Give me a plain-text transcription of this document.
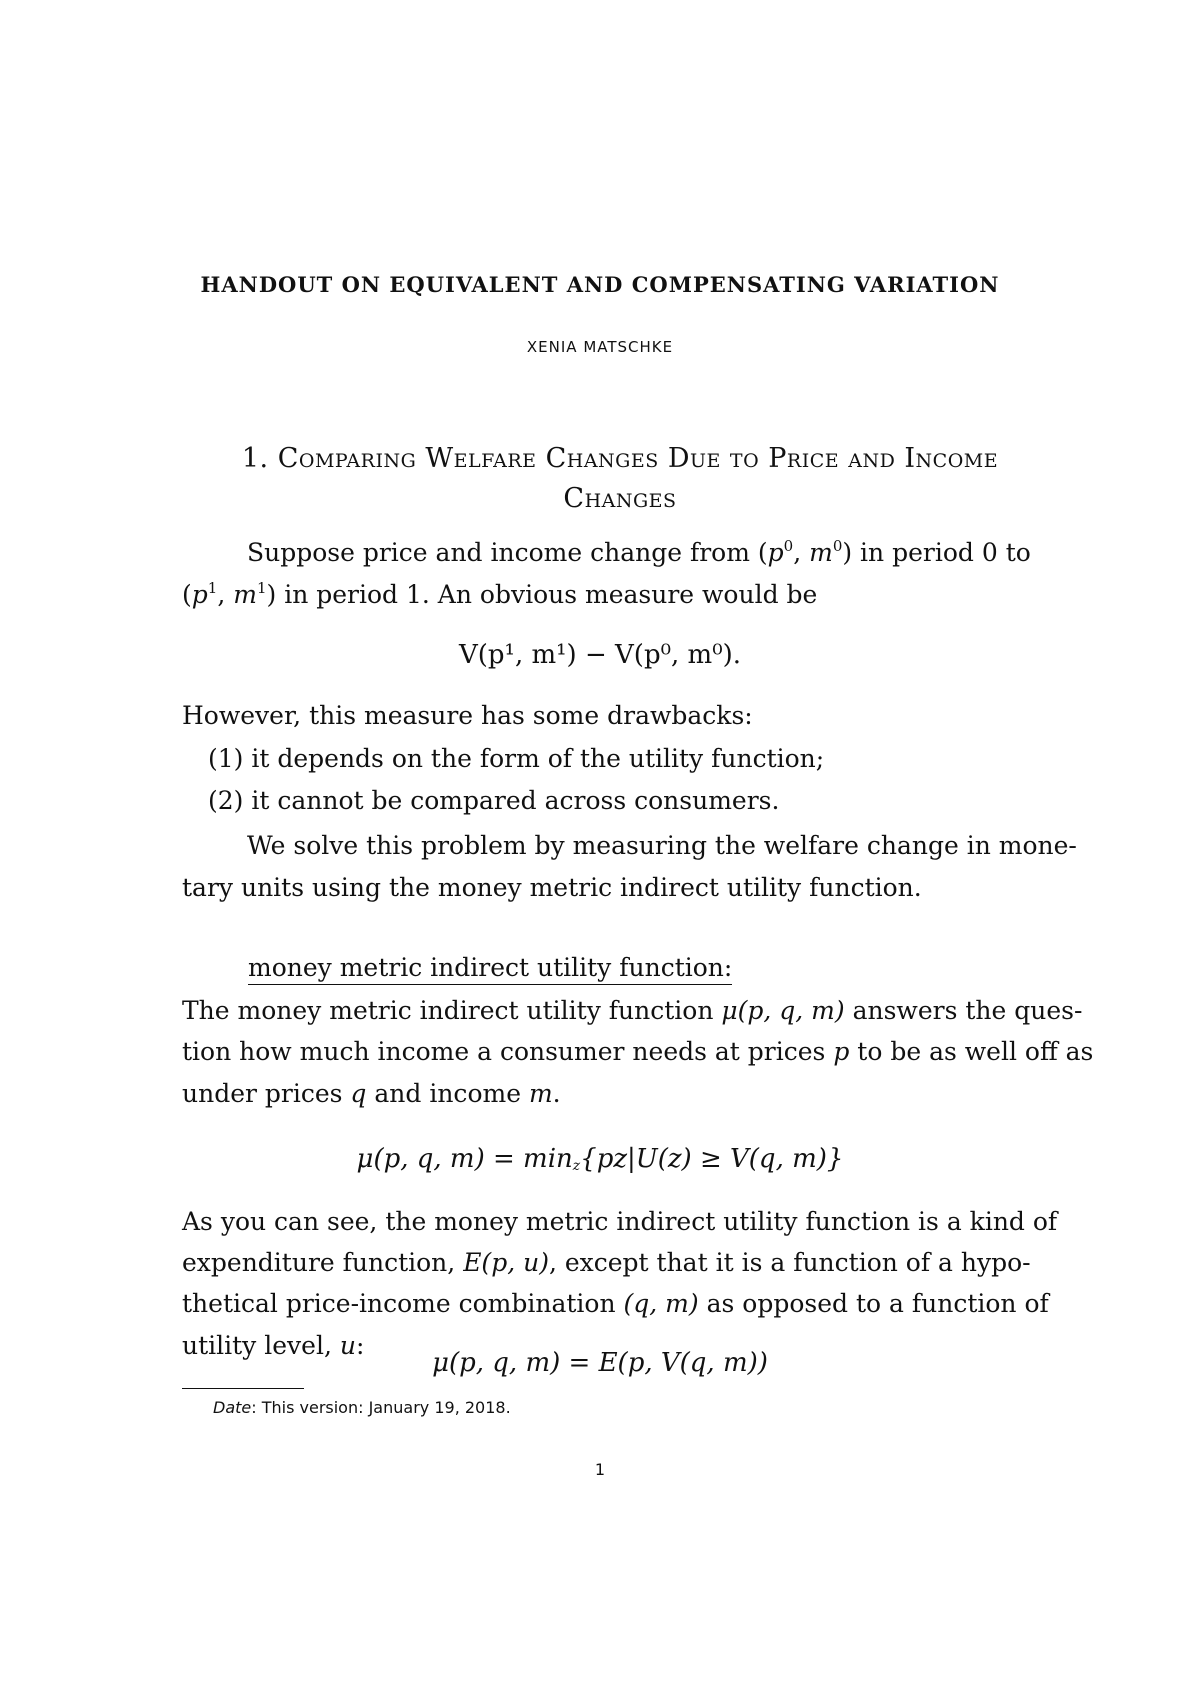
HANDOUT ON EQUIVALENT AND COMPENSATING VARIATION
XENIA MATSCHKE
1. Comparing Welfare Changes Due to Price and Income
Changes
Suppose price and income change from ($p^0$, $m^0$) in period 0 to
($p^1$, $m^1$) in period 1. An obvious measure would be
V(p¹, m¹) − V(p⁰, m⁰).
However, this measure has some drawbacks:
(1) it depends on the form of the utility function;
(2) it cannot be compared across consumers.
We solve this problem by measuring the welfare change in mone-
tary units using the money metric indirect utility function.
money metric indirect utility function:
The money metric indirect utility function μ(p, q, m) answers the ques-
tion how much income a consumer needs at prices p to be as well off as
under prices q and income m.
μ(p, q, $m) = \min_z\{pz|U(z) \ge V(q$, m)}
As you can see, the money metric indirect utility function is a kind of
expenditure function, E(p, u), except that it is a function of a hypo-
thetical price-income combination (q, m) as opposed to a function of
utility level, u:
Date: This version: January 19, 2018.
1
μ(p, q, m) = E(p, V(q, m))
